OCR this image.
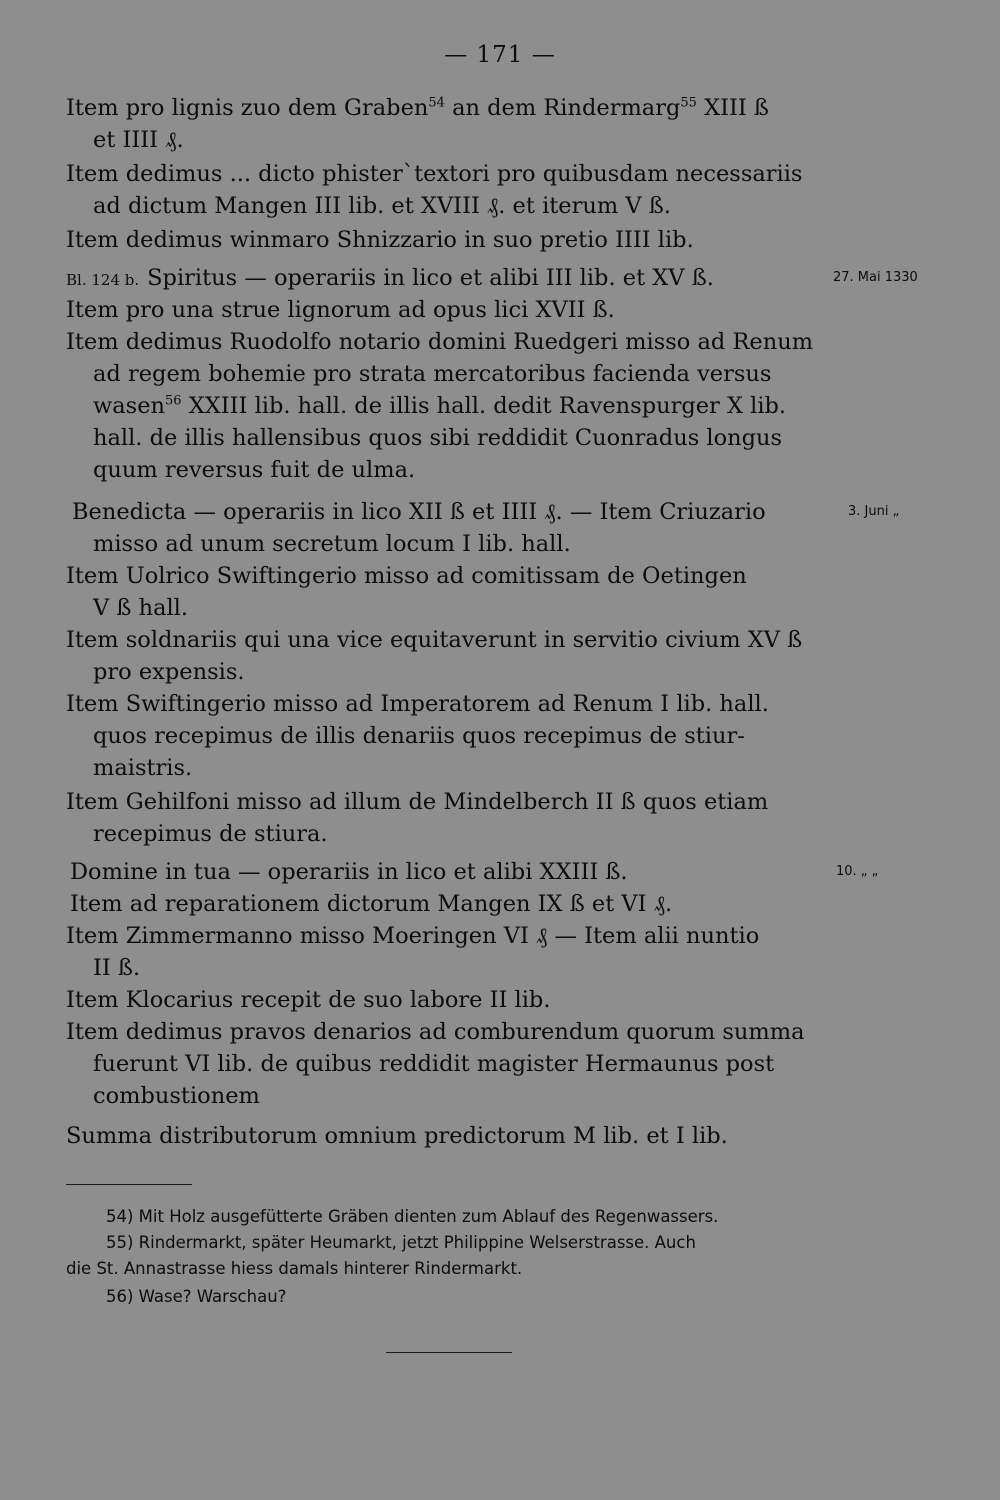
— 171 —
Item pro lignis zuo dem Graben$^{54}$ an dem Rindermarg$^{55}$ XIII ß
et IIII ₰.
Item dedimus ... dicto phister`textori pro quibusdam necessariis
ad dictum Mangen III lib. et XVIII ₰. et iterum V ß.
Item dedimus winmaro Shnizzario in suo pretio IIII lib.
Bl. 124 b. Spiritus — operariis in lico et alibi III lib. et XV ß.	27. Mai 1330
Item pro una strue lignorum ad opus lici XVII ß.
Item dedimus Ruodolfo notario domini Ruedgeri misso ad Renum
ad regem bohemie pro strata mercatoribus facienda versus
wasen$^{56}$ XXIII lib. hall. de illis hall. dedit Ravenspurger X lib.
hall. de illis hallensibus quos sibi reddidit Cuonradus longus
quum reversus fuit de ulma.
Benedicta — operariis in lico XII ß et IIII ₰. — Item Criuzario
misso ad unum secretum locum I lib. hall.
3. Juni „
Item Uolrico Swiftingerio misso ad comitissam de Oetingen
V ß hall.
Item soldnariis qui una vice equitaverunt in servitio civium XV ß
pro expensis.
Item Swiftingerio misso ad Imperatorem ad Renum I lib. hall.
quos recepimus de illis denariis quos recepimus de stiur-
maistris.
Item Gehilfoni misso ad illum de Mindelberch II ß quos etiam
recepimus de stiura.
Domine in tua — operariis in lico et alibi XXIII ß.	10. „ „
Item ad reparationem dictorum Mangen IX ß et VI ₰.
Item Zimmermanno misso Moeringen VI ₰ — Item alii nuntio
II ß.
Item Klocarius recepit de suo labore II lib.
Item dedimus pravos denarios ad comburendum quorum summa
fuerunt VI lib. de quibus reddidit magister Hermaunus post
combustionem
Summa distributorum omnium predictorum M lib. et I lib.
54) Mit Holz ausgefütterte Gräben dienten zum Ablauf des Regenwassers.
55) Rindermarkt, später Heumarkt, jetzt Philippine Welserstrasse. Auch
die St. Annastrasse hiess damals hinterer Rindermarkt.
56) Wase? Warschau?
